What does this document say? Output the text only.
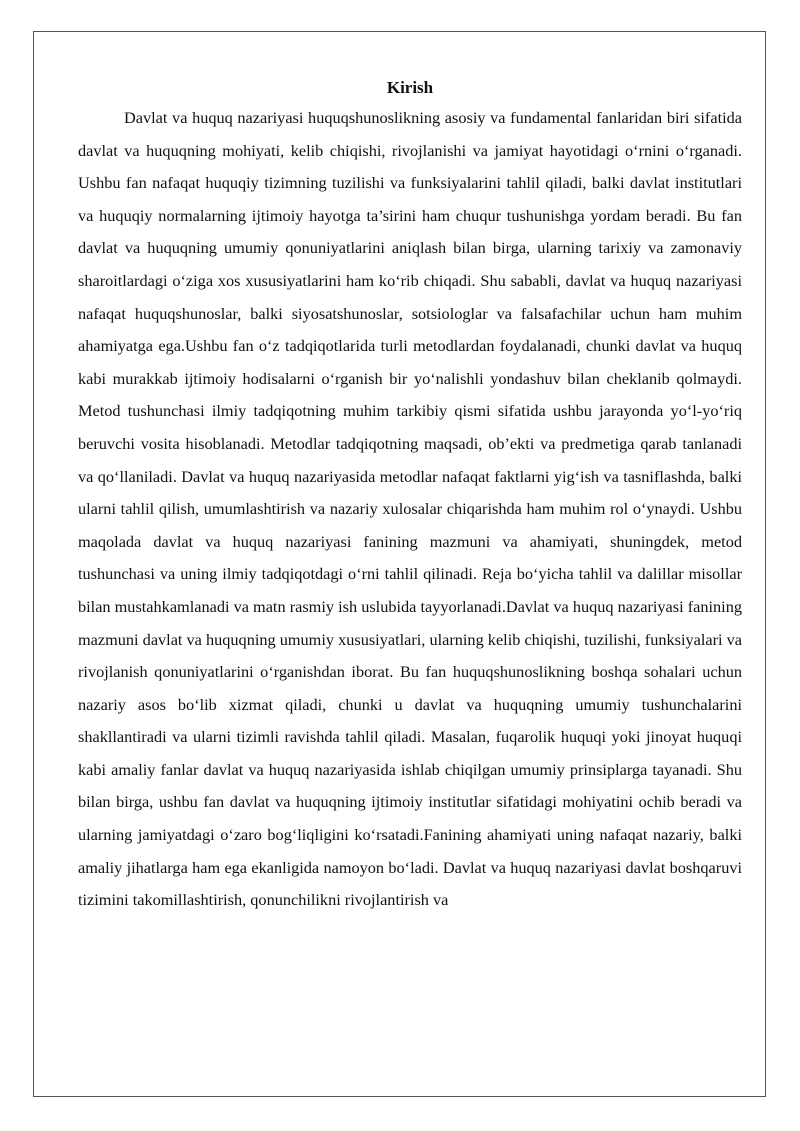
Kirish

Davlat va huquq nazariyasi huquqshunoslikning asosiy va fundamental fanlaridan biri sifatida davlat va huquqning mohiyati, kelib chiqishi, rivojlanishi va jamiyat hayotidagi o‘rnini o‘rganadi. Ushbu fan nafaqat huquqiy tizimning tuzilishi va funksiyalarini tahlil qiladi, balki davlat institutlari va huquqiy normalarning ijtimoiy hayotga ta’sirini ham chuqur tushunishga yordam beradi. Bu fan davlat va huquqning umumiy qonuniyatlarini aniqlash bilan birga, ularning tarixiy va zamonaviy sharoitlardagi o‘ziga xos xususiyatlarini ham ko‘rib chiqadi. Shu sababli, davlat va huquq nazariyasi nafaqat huquqshunoslar, balki siyosatshunoslar, sotsiologlar va falsafachilar uchun ham muhim ahamiyatga ega.Ushbu fan o‘z tadqiqotlarida turli metodlardan foydalanadi, chunki davlat va huquq kabi murakkab ijtimoiy hodisalarni o‘rganish bir yo‘nalishli yondashuv bilan cheklanib qolmaydi. Metod tushunchasi ilmiy tadqiqotning muhim tarkibiy qismi sifatida ushbu jarayonda yo‘l-yo‘riq beruvchi vosita hisoblanadi. Metodlar tadqiqotning maqsadi, ob’ekti va predmetiga qarab tanlanadi va qo‘llaniladi. Davlat va huquq nazariyasida metodlar nafaqat faktlarni yig‘ish va tasniflashda, balki ularni tahlil qilish, umumlashtirish va nazariy xulosalar chiqarishda ham muhim rol o‘ynaydi. Ushbu maqolada davlat va huquq nazariyasi fanining mazmuni va ahamiyati, shuningdek, metod tushunchasi va uning ilmiy tadqiqotdagi o‘rni tahlil qilinadi. Reja bo‘yicha tahlil va dalillar misollar bilan mustahkamlanadi va matn rasmiy ish uslubida tayyorlanadi.Davlat va huquq nazariyasi fanining mazmuni davlat va huquqning umumiy xususiyatlari, ularning kelib chiqishi, tuzilishi, funksiyalari va rivojlanish qonuniyatlarini o‘rganishdan iborat. Bu fan huquqshunoslikning boshqa sohalari uchun nazariy asos bo‘lib xizmat qiladi, chunki u davlat va huquqning umumiy tushunchalarini shakllantiradi va ularni tizimli ravishda tahlil qiladi. Masalan, fuqarolik huquqi yoki jinoyat huquqi kabi amaliy fanlar davlat va huquq nazariyasida ishlab chiqilgan umumiy prinsiplarga tayanadi. Shu bilan birga, ushbu fan davlat va huquqning ijtimoiy institutlar sifatidagi mohiyatini ochib beradi va ularning jamiyatdagi o‘zaro bog‘liqligini ko‘rsatadi.Fanining ahamiyati uning nafaqat nazariy, balki amaliy jihatlarga ham ega ekanligida namoyon bo‘ladi. Davlat va huquq nazariyasi davlat boshqaruvi tizimini takomillashtirish, qonunchilikni rivojlantirish va
